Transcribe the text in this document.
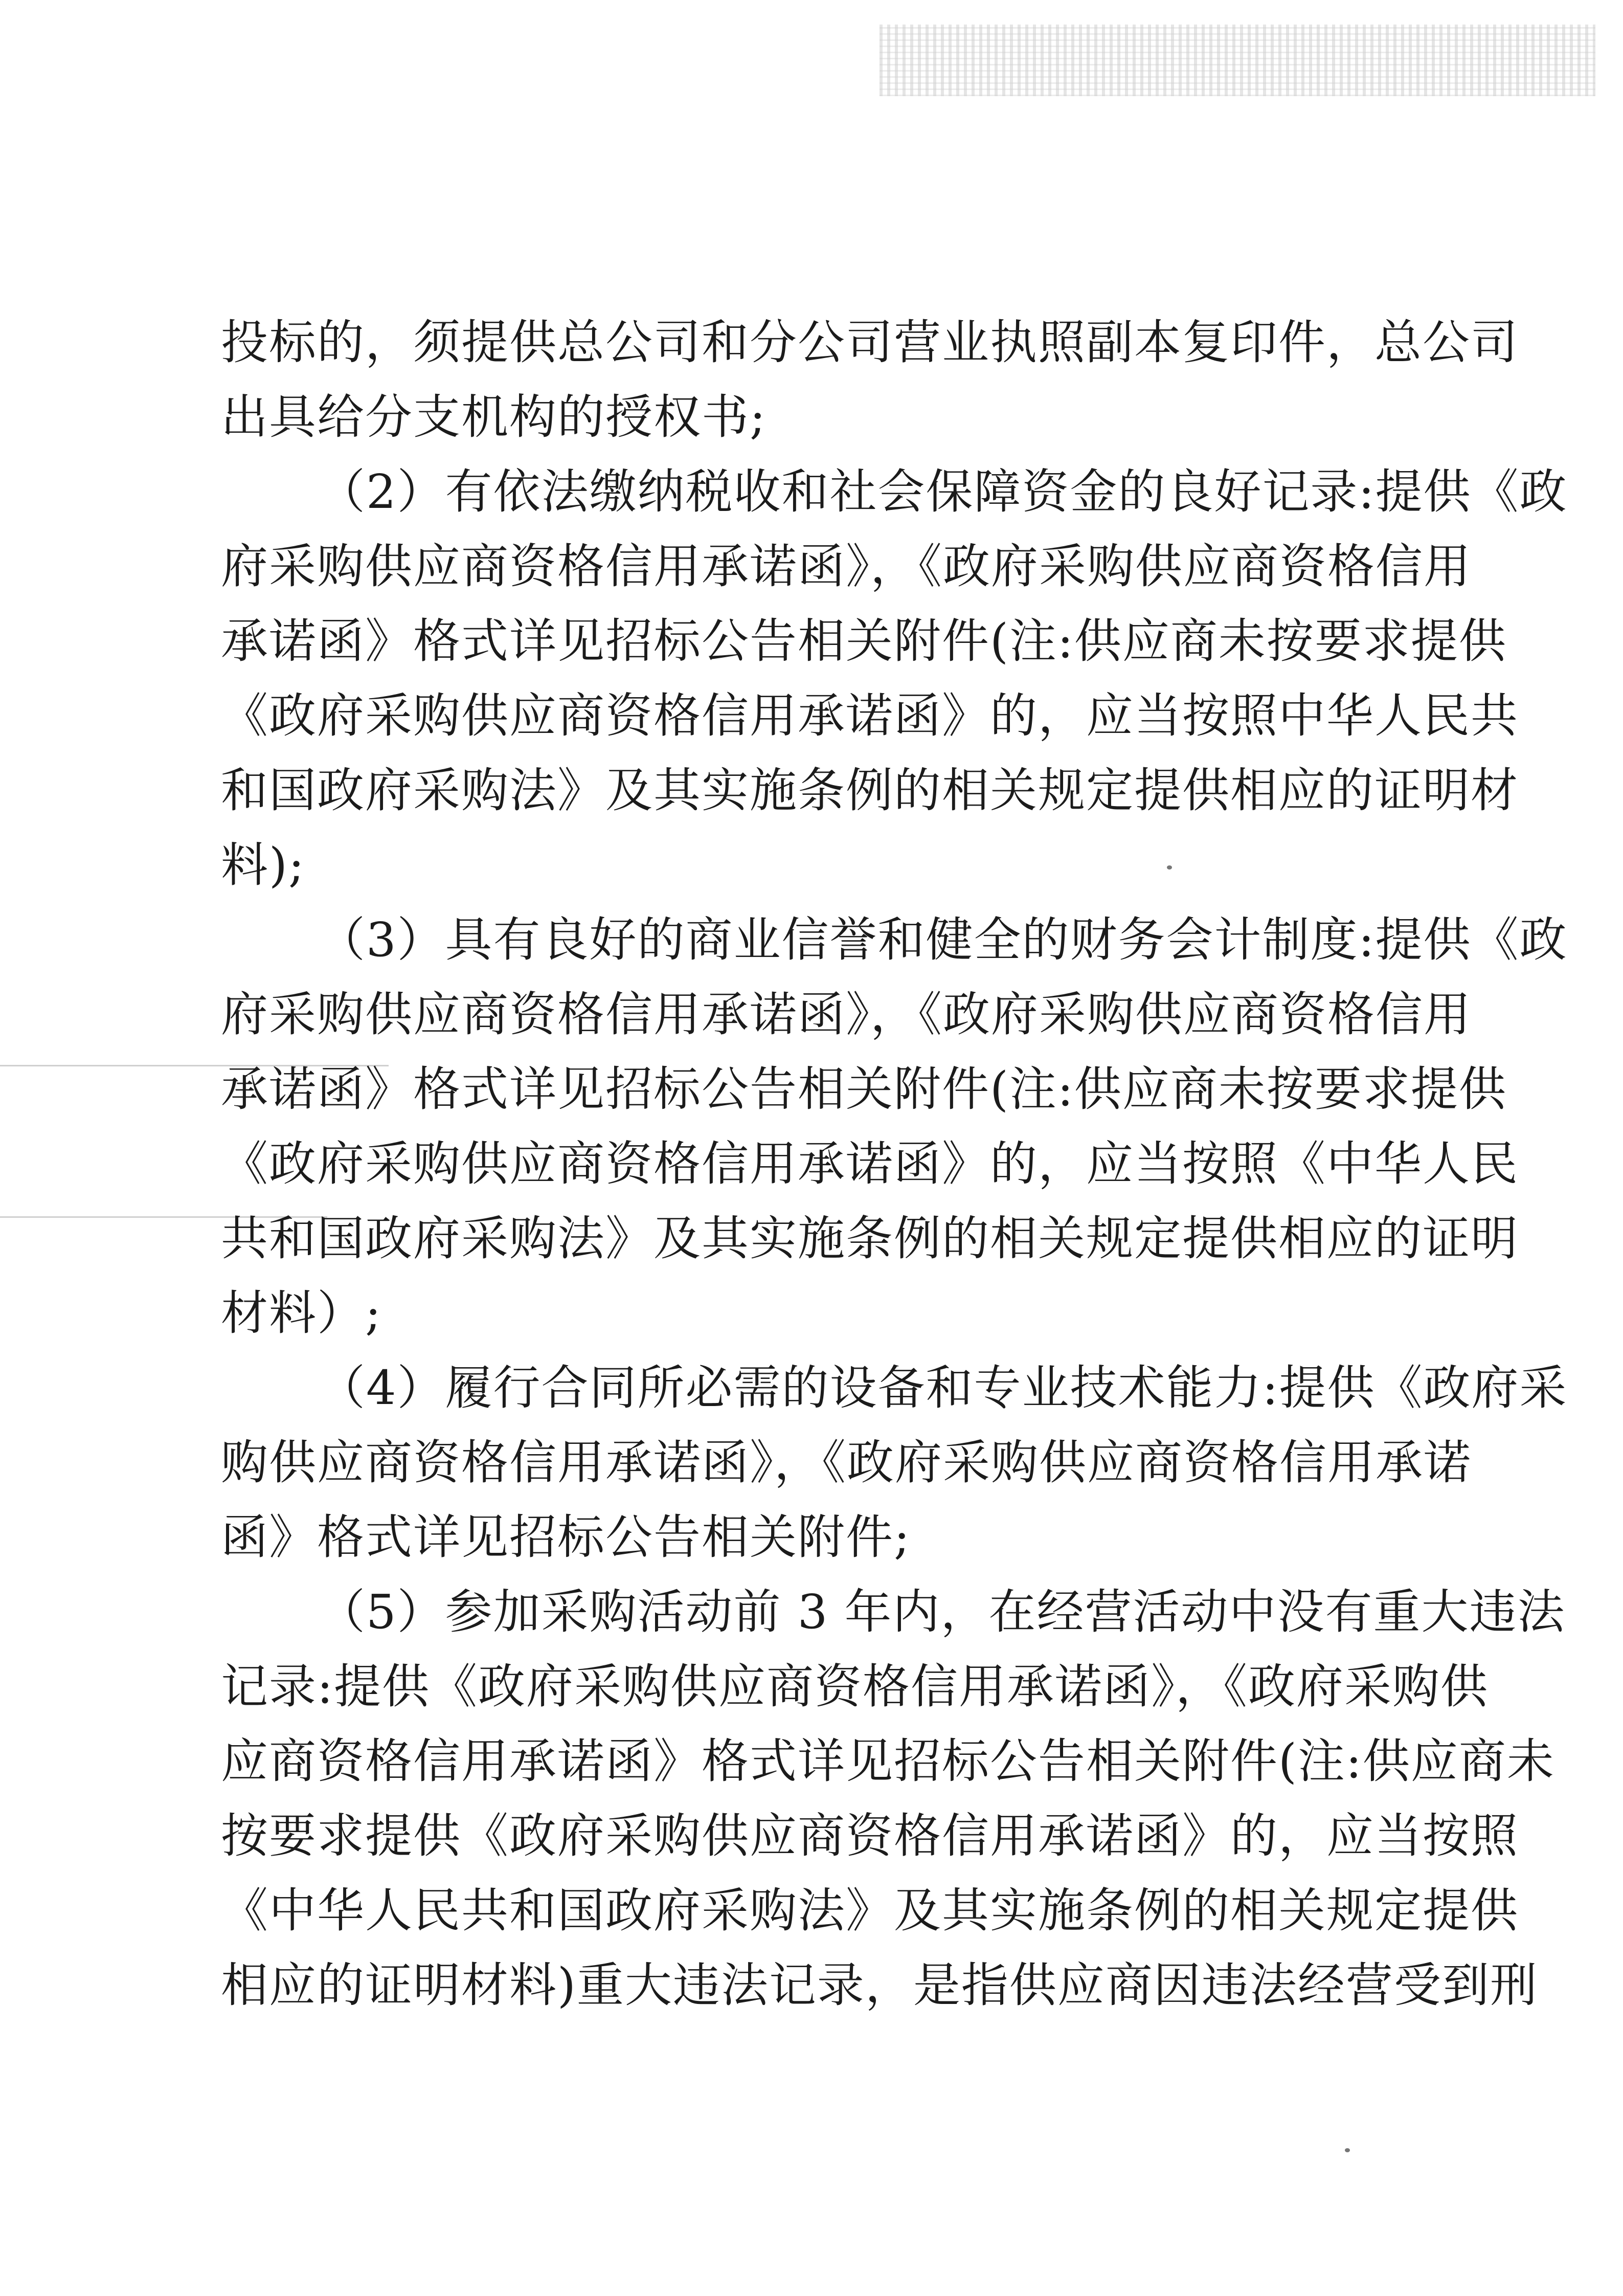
投标的，须提供总公司和分公司营业执照副本复印件，总公司
出具给分支机构的授权书;
（2）有依法缴纳税收和社会保障资金的良好记录:提供《政
府采购供应商资格信用承诺函》，《政府采购供应商资格信用
承诺函》格式详见招标公告相关附件(注:供应商未按要求提供
《政府采购供应商资格信用承诺函》的，应当按照中华人民共
和国政府采购法》及其实施条例的相关规定提供相应的证明材
料);
（3）具有良好的商业信誉和健全的财务会计制度:提供《政
府采购供应商资格信用承诺函》，《政府采购供应商资格信用
承诺函》格式详见招标公告相关附件(注:供应商未按要求提供
《政府采购供应商资格信用承诺函》的，应当按照《中华人民
共和国政府采购法》及其实施条例的相关规定提供相应的证明
材料）;
（4）履行合同所必需的设备和专业技术能力:提供《政府采
购供应商资格信用承诺函》，《政府采购供应商资格信用承诺
函》格式详见招标公告相关附件;
（5）参加采购活动前 3 年内，在经营活动中没有重大违法
记录:提供《政府采购供应商资格信用承诺函》，《政府采购供
应商资格信用承诺函》格式详见招标公告相关附件(注:供应商未
按要求提供《政府采购供应商资格信用承诺函》的，应当按照
《中华人民共和国政府采购法》及其实施条例的相关规定提供
相应的证明材料)重大违法记录，是指供应商因违法经营受到刑
